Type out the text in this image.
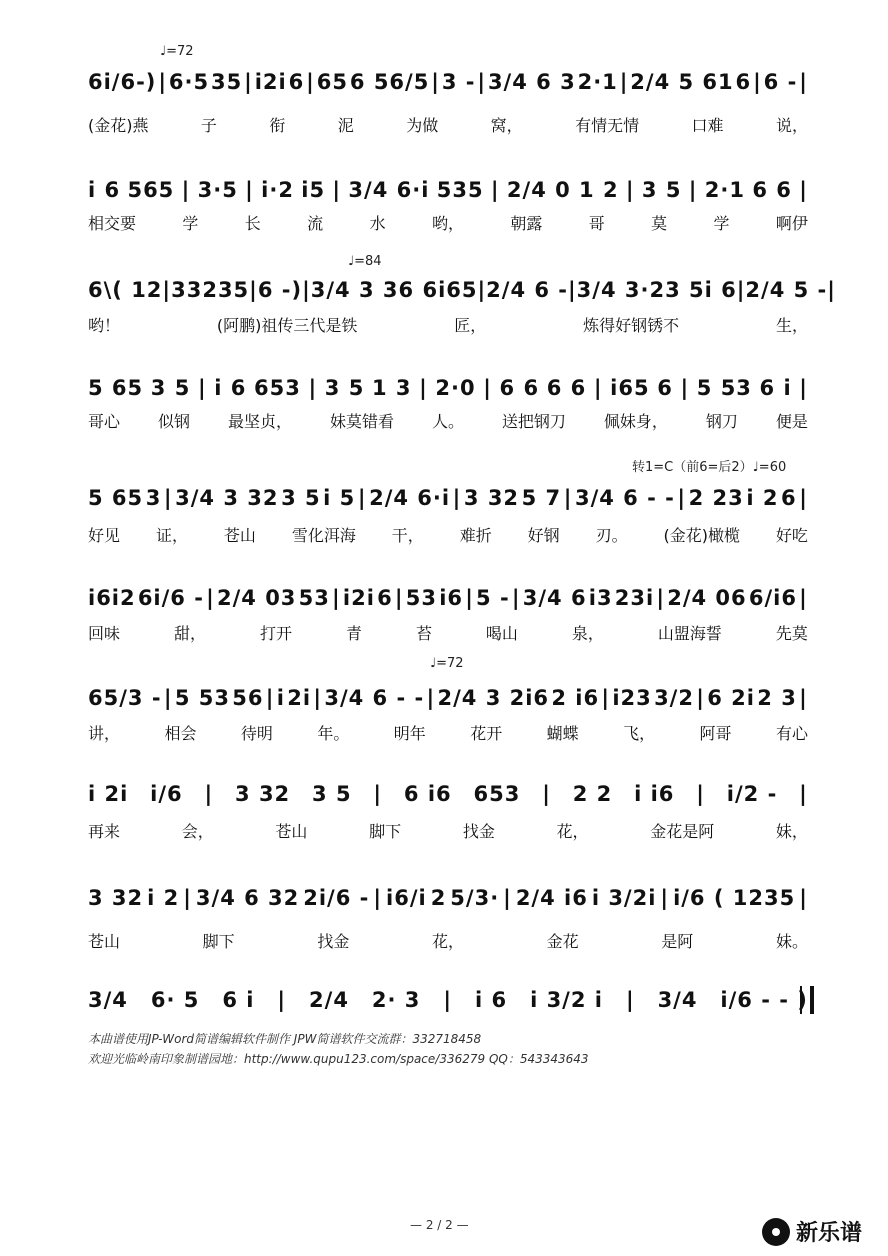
♩=72
♩=84
♩=72
转1=C（前6=后2）♩=60
6i/6-) | 6·5 35 | i2i 6 | 65 6 56/5 | 3 - | 3/4 6 3 2·1 | 2/4 5 61 6 | 6 - |
(金花)燕	子	衔	泥	为做	窝，	有情无情	口难	说，
i 6 565 | 3·5 | i·2 i5 | 3/4 6·i 535 | 2/4 0 1 2 | 3 5 | 2·1 6 6 |
相交要	学	长	流	水	哟，	朝露	哥	莫	学	啊伊
6\( 12 | 332 35 | 6 -) | 3/4 3 3 6 6 i65 | 2/4 6 - | 3/4 3·2 3 5 i 6 | 2/4 5 - |
哟！	(阿鹏)祖传三代是铁	匠，	炼得好钢锈不	生，
5 65 3 5 | i 6 653 | 3 5 1 3 | 2·0 | 6 6 6 6 | i65 6 | 5 53 6 i |
哥心 似钢 最坚贞， 妹莫错看 人。 送把钢刀 佩妹身， 钢刀 便是
5 65 3 | 3/4 3 32 3 5 i 5 | 2/4 6·i | 3 32 5 7 | 3/4 6 - - | 2 23 i 2 6 |
好见 证， 苍山 雪化洱海 干， 难折 好钢 刃。 (金花)橄榄 好吃
i6i2 6i/6 - | 2/4 03 53 | i2i 6 | 53 i6 | 5 - | 3/4 6 i3 23i | 2/4 06 6/i6 |
回味	甜，	打开	青	苔	喝山	泉，	山盟海誓	先莫
65/3 - | 5 53 56 | i 2i | 3/4 6 - - | 2/4 3 2i6 2 i6 | i23 3/2 | 6 2i 2 3 |
讲，	相会	待明	年。	明年	花开	蝴蝶	飞，	阿哥	有心
i 2i i/6 | 3 32 3 5 | 6 i6 653 | 2 2 i i6 | i/2 - |
再来	会，	苍山	脚下	找金	花，	金花是阿	妹，
3 32 i 2 | 3/4 6 32 2i/6 - | i6/i 2 5/3· | 2/4 i6 i 3/2i | i/6 ( 1235 |
苍山	脚下	找金	花，	金花	是阿	妹。
3/4 6· 5 6 i | 2/4 2· 3 | i 6 i 3/2 i | 3/4 i/6 - - )
本曲谱使用JP-Word简谱编辑软件制作 JPW简谱软件交流群：332718458
欢迎光临岭南印象制谱园地：http://www.qupu123.com/space/336279 QQ：543343643
— 2 / 2 —	新乐谱
